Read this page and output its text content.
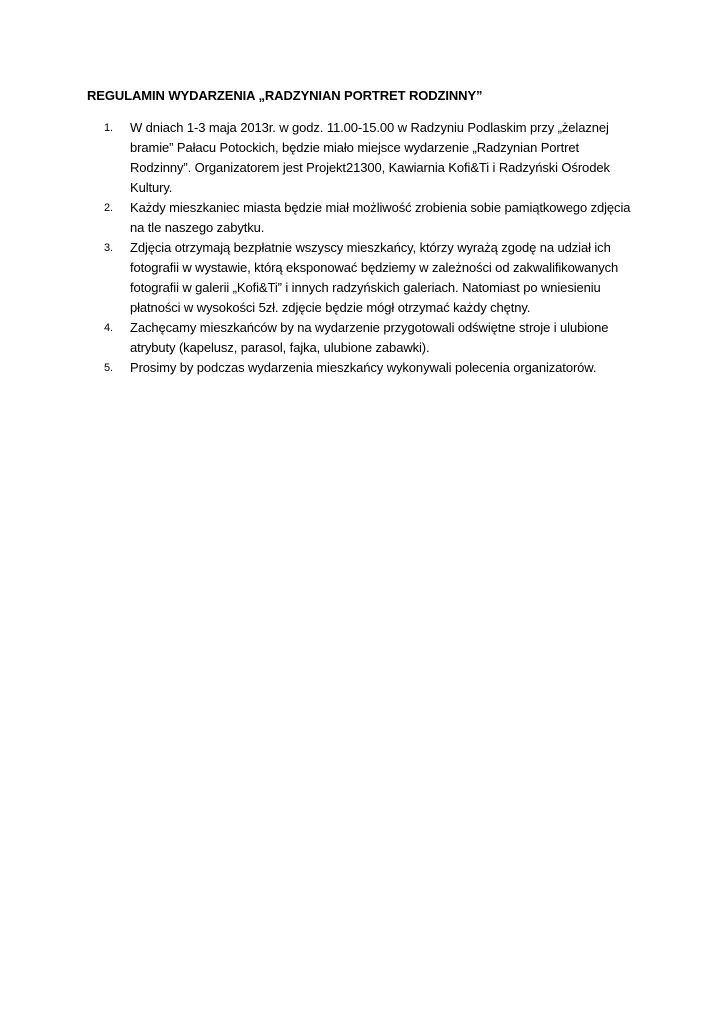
REGULAMIN WYDARZENIA „RADZYNIAN PORTRET RODZINNY”
1. W dniach 1-3 maja 2013r. w godz. 11.00-15.00 w Radzyniu Podlaskim przy „żelaznej bramie” Pałacu Potockich, będzie miało miejsce wydarzenie „Radzynian Portret Rodzinny”. Organizatorem jest Projekt21300, Kawiarnia Kofi&Ti i Radzyński Ośrodek Kultury.
2. Każdy mieszkaniec miasta będzie miał możliwość zrobienia sobie pamiątkowego zdjęcia na tle naszego zabytku.
3. Zdjęcia otrzymają bezpłatnie wszyscy mieszkańcy, którzy wyrażą zgodę na udział ich fotografii w wystawie, którą eksponować będziemy w zależności od zakwalifikowanych fotografii w galerii „Kofi&Ti” i innych radzyńskich galeriach. Natomiast po wniesieniu płatności w wysokości 5zł. zdjęcie będzie mógł otrzymać każdy chętny.
4. Zachęcamy mieszkańców by na wydarzenie przygotowali odświętne stroje i ulubione atrybuty (kapelusz, parasol, fajka, ulubione zabawki).
5. Prosimy by podczas wydarzenia mieszkańcy wykonywali polecenia organizatorów.
